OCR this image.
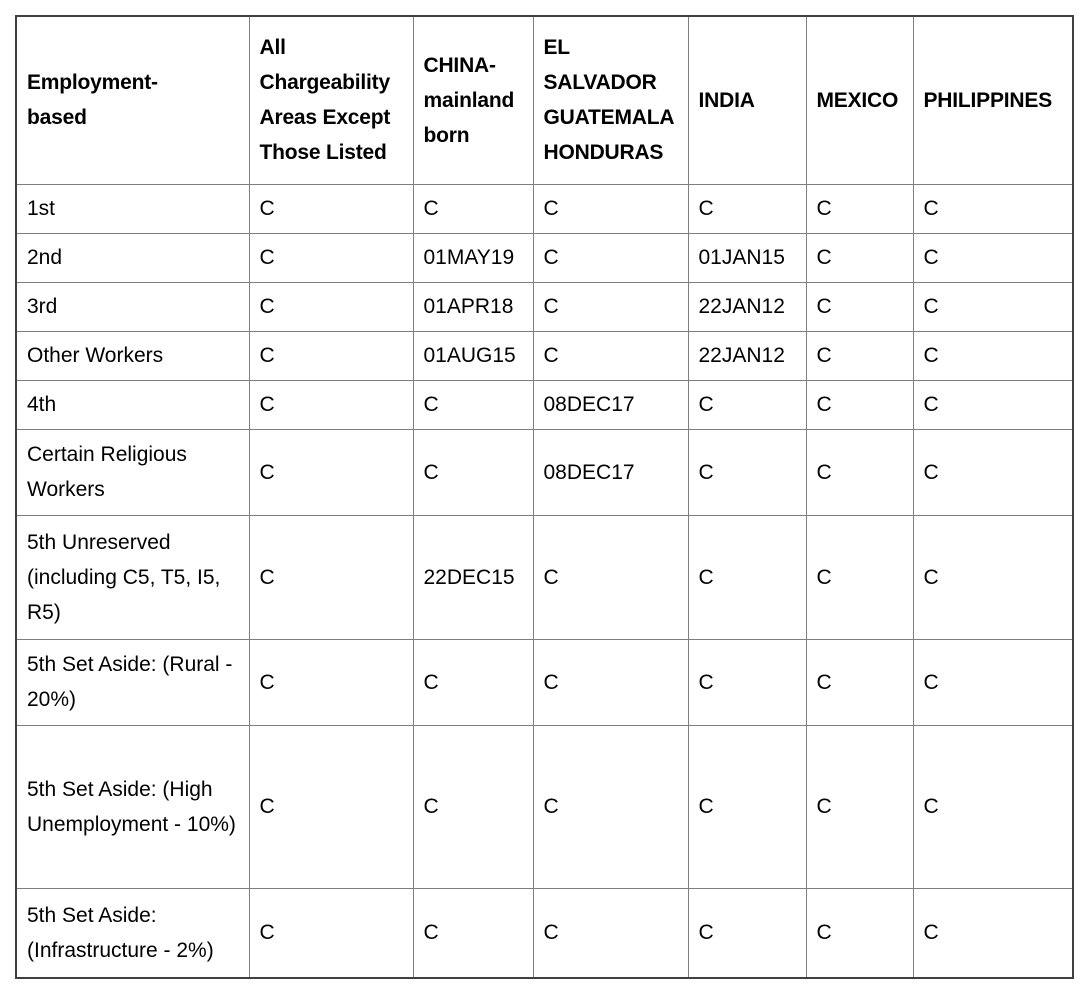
Employment-based	All Chargeability Areas Except Those Listed	CHINA-mainland born	EL SALVADOR GUATEMALA HONDURAS	INDIA	MEXICO	PHILIPPINES
1st	C	C	C	C	C	C
2nd	C	01MAY19	C	01JAN15	C	C
3rd	C	01APR18	C	22JAN12	C	C
Other Workers	C	01AUG15	C	22JAN12	C	C
4th	C	C	08DEC17	C	C	C
Certain Religious Workers	C	C	08DEC17	C	C	C
5th Unreserved (including C5, T5, I5, R5)	C	22DEC15	C	C	C	C
5th Set Aside: (Rural - 20%)	C	C	C	C	C	C
5th Set Aside: (High Unemployment - 10%)	C	C	C	C	C	C
5th Set Aside: (Infrastructure - 2%)	C	C	C	C	C	C
